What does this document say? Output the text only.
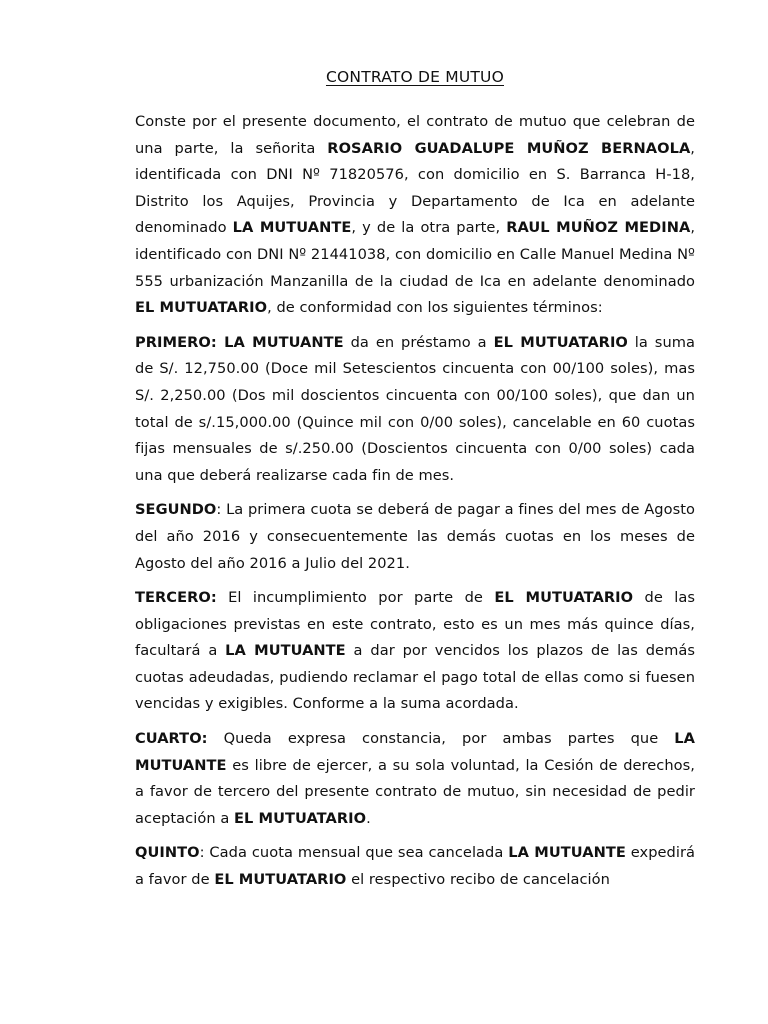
CONTRATO DE MUTUO

Conste por el presente documento, el contrato de mutuo que celebran de una parte, la señorita ROSARIO GUADALUPE MUÑOZ BERNAOLA, identificada con DNI Nº 71820576, con domicilio en S. Barranca H-18, Distrito los Aquijes, Provincia y Departamento de Ica en adelante denominado LA MUTUANTE, y de la otra parte, RAUL MUÑOZ MEDINA, identificado con DNI Nº 21441038, con domicilio en Calle Manuel Medina Nº 555 urbanización Manzanilla de la ciudad de Ica en adelante denominado EL MUTUATARIO, de conformidad con los siguientes términos:

PRIMERO: LA MUTUANTE da en préstamo a EL MUTUATARIO la suma de S/. 12,750.00 (Doce mil Setescientos cincuenta con 00/100 soles), mas S/. 2,250.00 (Dos mil doscientos cincuenta con 00/100 soles), que dan un total de s/.15,000.00 (Quince mil con 0/00 soles), cancelable en 60 cuotas fijas mensuales de s/.250.00 (Doscientos cincuenta con 0/00 soles) cada una que deberá realizarse cada fin de mes.

SEGUNDO: La primera cuota se deberá de pagar a fines del mes de Agosto del año 2016 y consecuentemente las demás cuotas en los meses de Agosto del año 2016 a Julio del 2021.

TERCERO: El incumplimiento por parte de EL MUTUATARIO de las obligaciones previstas en este contrato, esto es un mes más quince días, facultará a LA MUTUANTE a dar por vencidos los plazos de las demás cuotas adeudadas, pudiendo reclamar el pago total de ellas como si fuesen vencidas y exigibles. Conforme a la suma acordada.

CUARTO: Queda expresa constancia, por ambas partes que LA MUTUANTE es libre de ejercer, a su sola voluntad, la Cesión de derechos, a favor de tercero del presente contrato de mutuo, sin necesidad de pedir aceptación a EL MUTUATARIO.

QUINTO: Cada cuota mensual que sea cancelada LA MUTUANTE expedirá a favor de EL MUTUATARIO el respectivo recibo de cancelación
